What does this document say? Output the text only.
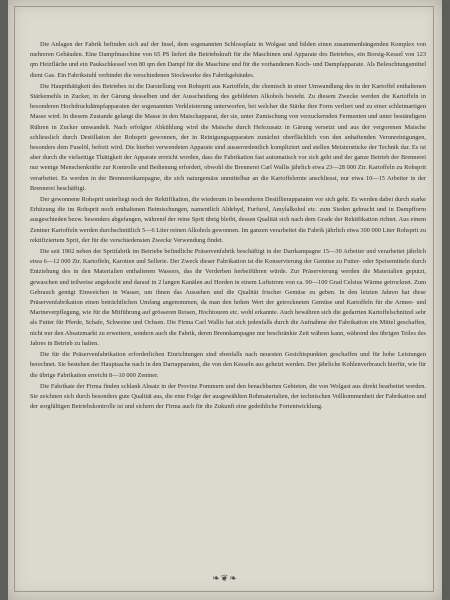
Die Anlagen der Fabrik befinden sich auf der Insel, dem sogenannten Schlossplatz in Wolgast und bilden einen zusammenhängenden Komplex von mehreren Gebäuden. Eine Dampfmaschine von 65 PS liefert die Betriebskraft für die Maschinen und Apparate des Betriebes, ein Borsig-Kessel von 123 qm Heizfläche und ein Paukschkessel von 80 qm den Dampf für die Maschine und für die vorhandenen Koch- und Dampfapparate. Als Beleuchtungsmittel dient Gas. Ein Fabrikstuhl verbindet die verschiedenen Stockwerke des Fabrikgebäudes.

Die Hauptthätigkeit des Betriebes ist die Darstellung von Rohsprit aus Kartoffeln, die chemisch in einer Umwandlung des in der Kartoffel enthaltenen Stärkemehls in Zucker, in der Gärung desselben und der Ausscheidung des gebildeten Alkohols besteht. Zu diesem Zwecke werden die Kartoffeln in besonderen Hochdruckdämpfapparaten der sogenannten Verkleisterung unterworfen, bei welcher die Stärke ihre Form verliert und zu einer schleimartigen Masse wird. In diesem Zustande gelangt die Masse in den Maischapparat, der sie, unter Zumischung von verzuckernden Fermenten und unter beständigem Rühren in Zucker umwandelt. Nach erfolgter Abkühlung wird die Maische durch Hefezusatz in Gärung versetzt und aus der vergorenen Maische schliesslich durch Destillation der Rohsprit gewonnen, der in Reinigungsapparaten zunächst oberflächlich von den anhaftenden Verunreinigungen, besonders dem Fuselöl, befreit wird. Die hierbei verwendeten Apparate sind ausserordentlich kompliziert und stellen Meisterstücke der Technik dar. Es ist aber durch die vielseitige Thätigkeit der Apparate erreicht worden, dass die Fabrikation fast automatisch vor sich geht und der ganze Betrieb der Brennerei nur wenige Menschenkräfte zur Kontrolle und Bedienung erfordert, obwohl die Brennerei Carl Wallis jährlich etwa 23—28 000 Ztr. Kartoffeln zu Rohsprit verarbeitet. Es werden in der Brennereikampagne, die sich naturgemäss unmittelbar an die Kartoffelernte anschliesst, nur etwa 10—15 Arbeiter in der Brennerei beschäftigt.

Der gewonnene Rohsprit unterliegt noch der Rektifikation, die wiederum in besonderen Destillierapparaten vor sich geht. Es werden dabei durch starke Erhitzung die im Rohsprit noch enthaltenen Beimischungen, namentlich Aldehyd, Furfurol, Amylalkohol etc. zum Sieden gebracht und in Dampfform ausgeschieden bezw. besonders abgefangen, während der reine Sprit übrig bleibt, dessen Qualität sich nach dem Grade der Rektifikation richtet. Aus einem Zentner Kartoffeln werden durchschnittlich 5—6 Liter reinen Alkohols gewonnen. Im ganzen verarbeitet die Fabrik jährlich etwa 300 000 Liter Rohsprit zu rektifiziertem Sprit, der für die verschiedensten Zwecke Verwendung findet.

Die seit 1902 neben der Spritfabrik im Betriebe befindliche Präservenfabrik beschäftigt in der Darrkampagne 15—30 Arbeiter und verarbeitet jährlich etwa 6—12 000 Ztr. Kartoffeln, Karotten und Sellerie. Der Zweck dieser Fabrikation ist die Konservierung der Gemüse zu Futter- oder Speisemitteln durch Entziehung des in den Materialien enthaltenen Wassers, das ihr Verderben herbeiführen würde. Zur Präservierung werden die Materialien geputzt, gewaschen und teilweise angekocht und darauf in 2 langen Kanälen auf Horden in einem Luftstrom von ca. 90—100 Grad Celsius Wärme getrocknet. Zum Gebrauch genügt Einweichen in Wasser, um ihnen das Aussehen und die Qualität frischer Gemüse zu geben. In den letzten Jahren hat diese Präservenfabrikation einen beträchtlichen Umfang angenommen, da man den hohen Wert der getrockneten Gemüse und Kartoffeln für die Armee- und Marineverpflegung, wie für die Mitführung auf grösseren Reisen, Hochtouren etc. wohl erkannte. Auch bewähren sich die gedarrten Kartoffelschnitzel sehr als Futter für Pferde, Schafe, Schweine und Ochsen. Die Firma Carl Wallis hat sich jedenfalls durch die Aufnahme der Fabrikation ein Mittel geschaffen, nicht nur den Absatzmarkt zu erweitern, sondern auch die Fabrik, deren Brennkampagne nur beschränkte Zeit währen kann, während des übrigen Teiles des Jahres in Betrieb zu halten.

Die für die Präservenfabrikation erforderlichen Einrichtungen sind ebenfalls nach neuesten Gesichtspunkten geschaffen und für hohe Leistungen berechnet. Sie bestehen der Hauptsache nach in den Darrapparaten, die von den Kesseln aus geheizt werden. Der jährliche Kohlenverbrauch hierfür, wie für die übrige Fabrikation erreicht 8—10 000 Zentner.

Die Fabrikate der Firma finden schlank Absatz in der Provinz Pommern und den benachbarten Gebieten, die von Wolgast aus direkt bearbeitet werden. Sie zeichnen sich durch besonders gute Qualität aus, die eine Folge der ausgewählten Rohmaterialien, der technischen Vollkommenheit der Fabrikation und der sorgfältigen Betriebskontrolle ist und sichern der Firma auch für die Zukunft eine gedeihliche Fortentwicklung.

❧❦❧
